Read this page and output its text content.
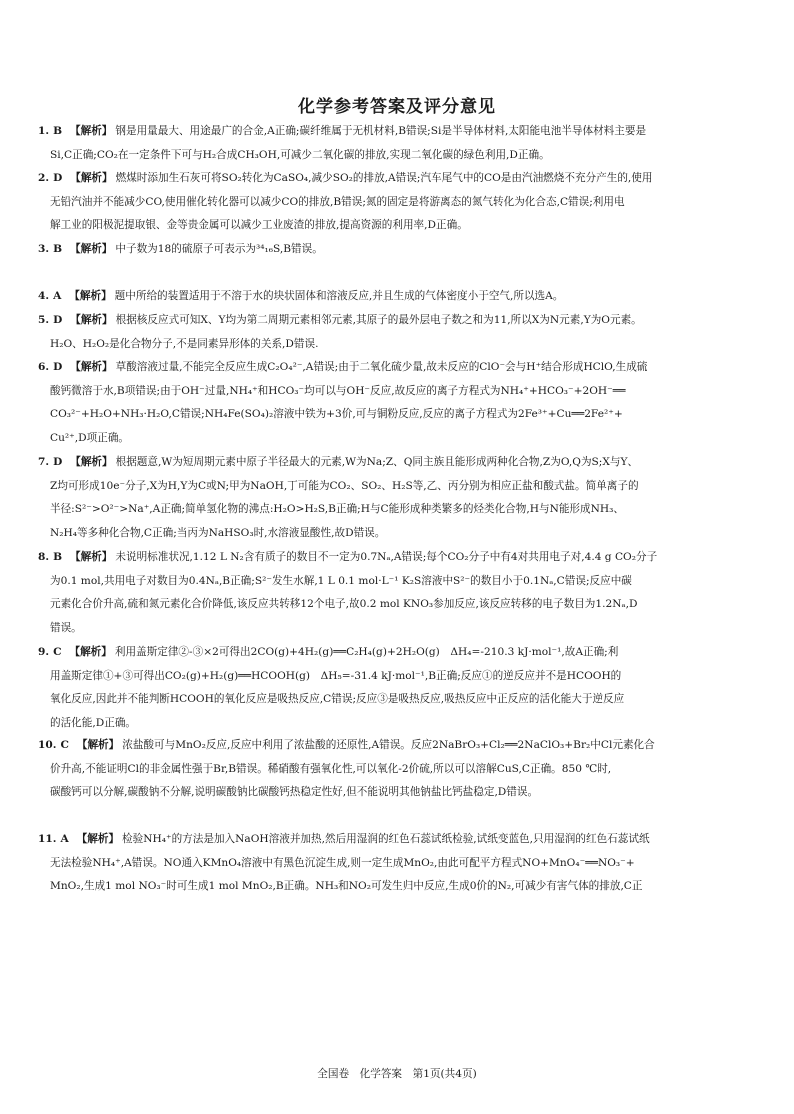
化学参考答案及评分意见
1. B 【解析】 钢是用量最大、用途最广的合金,A正确;碳纤维属于无机材料,B错误;Si是半导体材料,太阳能电池半导体材料主要是
Si,C正确;CO₂在一定条件下可与H₂合成CH₃OH,可减少二氧化碳的排放,实现二氧化碳的绿色利用,D正确。
2. D 【解析】 燃煤时添加生石灰可将SO₂转化为CaSO₄,减少SO₂的排放,A错误;汽车尾气中的CO是由汽油燃烧不充分产生的,使用
无铅汽油并不能减少CO,使用催化转化器可以减少CO的排放,B错误;氮的固定是将游离态的氮气转化为化合态,C错误;利用电
解工业的阳极泥提取银、金等贵金属可以减少工业废渣的排放,提高资源的利用率,D正确。
3. B 【解析】 中子数为18的硫原子可表示为³⁴₁₆S,B错误。
4. A 【解析】 题中所给的装置适用于不溶于水的块状固体和溶液反应,并且生成的气体密度小于空气,所以选A。
5. D 【解析】 根据核反应式可知X、Y均为第二周期元素相邻元素,其原子的最外层电子数之和为11,所以X为N元素,Y为O元素。
H₂O、H₂O₂是化合物分子,不是同素异形体的关系,D错误.
6. D 【解析】 草酸溶液过量,不能完全反应生成C₂O₄²⁻,A错误;由于二氧化硫少量,故未反应的ClO⁻会与H⁺结合形成HClO,生成硫
酸钙微溶于水,B项错误;由于OH⁻过量,NH₄⁺和HCO₃⁻均可以与OH⁻反应,故反应的离子方程式为NH₄⁺+HCO₃⁻+2OH⁻══
CO₃²⁻+H₂O+NH₃·H₂O,C错误;NH₄Fe(SO₄)₂溶液中铁为+3价,可与铜粉反应,反应的离子方程式为2Fe³⁺+Cu══2Fe²⁺+
Cu²⁺,D项正确。
7. D 【解析】 根据题意,W为短周期元素中原子半径最大的元素,W为Na;Z、Q同主族且能形成两种化合物,Z为O,Q为S;X与Y、
Z均可形成10e⁻分子,X为H,Y为C或N;甲为NaOH,丁可能为CO₂、SO₂、H₂S等,乙、丙分别为相应正盐和酸式盐。简单离子的
半径:S²⁻>O²⁻>Na⁺,A正确;简单氢化物的沸点:H₂O>H₂S,B正确;H与C能形成种类繁多的烃类化合物,H与N能形成NH₃、
N₂H₄等多种化合物,C正确;当丙为NaHSO₃时,水溶液显酸性,故D错误。
8. B 【解析】 未说明标准状况,1.12 L N₂含有质子的数目不一定为0.7Nₐ,A错误;每个CO₂分子中有4对共用电子对,4.4 g CO₂分子
为0.1 mol,共用电子对数目为0.4Nₐ,B正确;S²⁻发生水解,1 L 0.1 mol·L⁻¹ K₂S溶液中S²⁻的数目小于0.1Nₐ,C错误;反应中碳
元素化合价升高,硫和氮元素化合价降低,该反应共转移12个电子,故0.2 mol KNO₃参加反应,该反应转移的电子数目为1.2Nₐ,D
错误。
9. C 【解析】 利用盖斯定律②-③×2可得出2CO(g)+4H₂(g)══C₂H₄(g)+2H₂O(g)　ΔH₄=-210.3 kJ·mol⁻¹,故A正确;利
用盖斯定律①+③可得出CO₂(g)+H₂(g)══HCOOH(g)　ΔH₅=-31.4 kJ·mol⁻¹,B正确;反应①的逆反应并不是HCOOH的
氧化反应,因此并不能判断HCOOH的氧化反应是吸热反应,C错误;反应③是吸热反应,吸热反应中正反应的活化能大于逆反应
的活化能,D正确。
10. C 【解析】 浓盐酸可与MnO₂反应,反应中利用了浓盐酸的还原性,A错误。反应2NaBrO₃+Cl₂══2NaClO₃+Br₂中Cl元素化合
价升高,不能证明Cl的非金属性强于Br,B错误。稀硝酸有强氧化性,可以氧化-2价硫,所以可以溶解CuS,C正确。850 ℃时,
碳酸钙可以分解,碳酸钠不分解,说明碳酸钠比碳酸钙热稳定性好,但不能说明其他钠盐比钙盐稳定,D错误。
11. A 【解析】 检验NH₄⁺的方法是加入NaOH溶液并加热,然后用湿润的红色石蕊试纸检验,试纸变蓝色,只用湿润的红色石蕊试纸
无法检验NH₄⁺,A错误。NO通入KMnO₄溶液中有黑色沉淀生成,则一定生成MnO₂,由此可配平方程式NO+MnO₄⁻══NO₃⁻+
MnO₂,生成1 mol NO₃⁻时可生成1 mol MnO₂,B正确。NH₃和NO₂可发生归中反应,生成0价的N₂,可减少有害气体的排放,C正
全国卷　化学答案　第1页(共4页)
